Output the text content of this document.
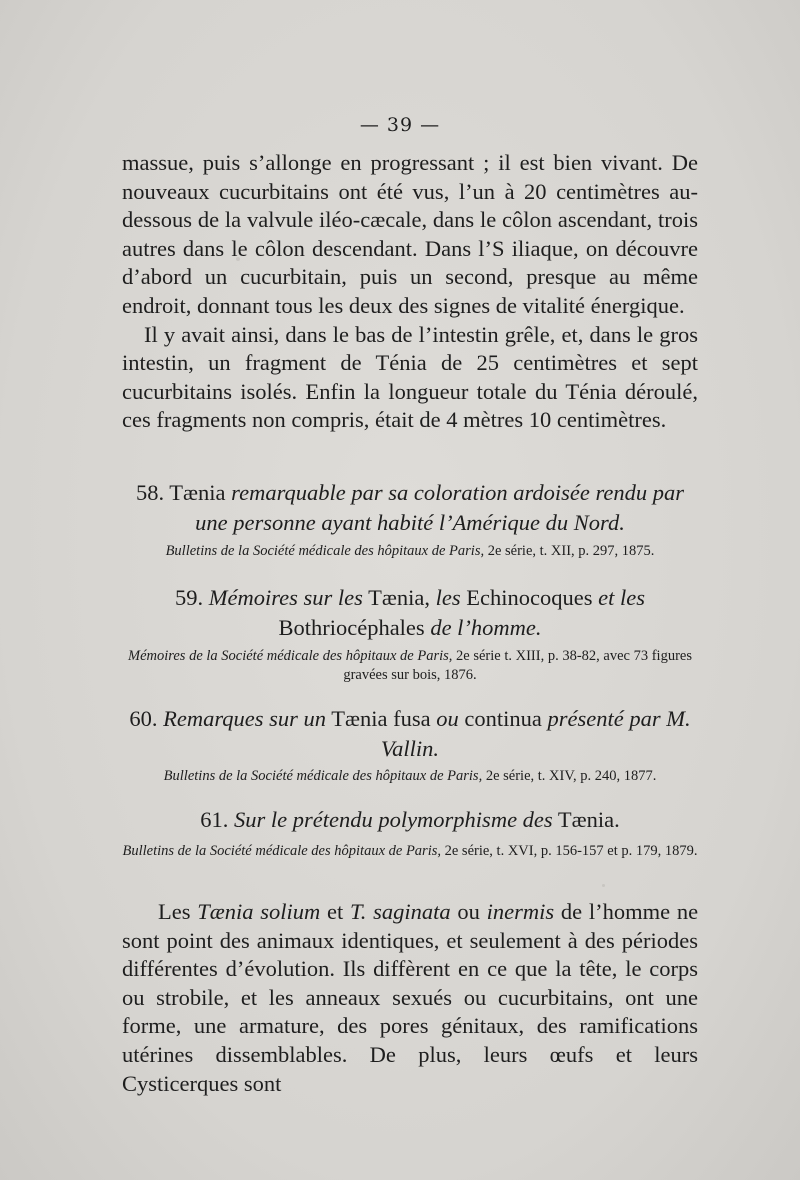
— 39 —

massue, puis s’allonge en progressant ; il est bien vivant. De nouveaux cucurbitains ont été vus, l’un à 20 centimètres au-dessous de la valvule iléo-cæcale, dans le côlon ascendant, trois autres dans le côlon descendant. Dans l’S iliaque, on découvre d’abord un cucurbitain, puis un second, presque au même endroit, donnant tous les deux des signes de vitalité énergique.

Il y avait ainsi, dans le bas de l’intestin grêle, et, dans le gros intestin, un fragment de Ténia de 25 centimètres et sept cucurbitains isolés. Enfin la longueur totale du Ténia déroulé, ces fragments non compris, était de 4 mètres 10 centimètres.

58. Tænia remarquable par sa coloration ardoisée rendu par une personne ayant habité l’Amérique du Nord.
Bulletins de la Société médicale des hôpitaux de Paris, 2e série, t. XII, p. 297, 1875.
59. Mémoires sur les Tænia, les Echinocoques et les Bothriocéphales de l’homme.
Mémoires de la Société médicale des hôpitaux de Paris, 2e série t. XIII, p. 38-82, avec 73 figures gravées sur bois, 1876.
60. Remarques sur un Tænia fusa ou continua présenté par M. Vallin.
Bulletins de la Société médicale des hôpitaux de Paris, 2e série, t. XIV, p. 240, 1877.
61. Sur le prétendu polymorphisme des Tænia.
Bulletins de la Société médicale des hôpitaux de Paris, 2e série, t. XVI, p. 156-157 et p. 179, 1879.

Les Tænia solium et T. saginata ou inermis de l’homme ne sont point des animaux identiques, et seulement à des périodes différentes d’évolution. Ils diffèrent en ce que la tête, le corps ou strobile, et les anneaux sexués ou cucurbitains, ont une forme, une armature, des pores génitaux, des ramifications utérines dissemblables. De plus, leurs œufs et leurs Cysticerques sont
